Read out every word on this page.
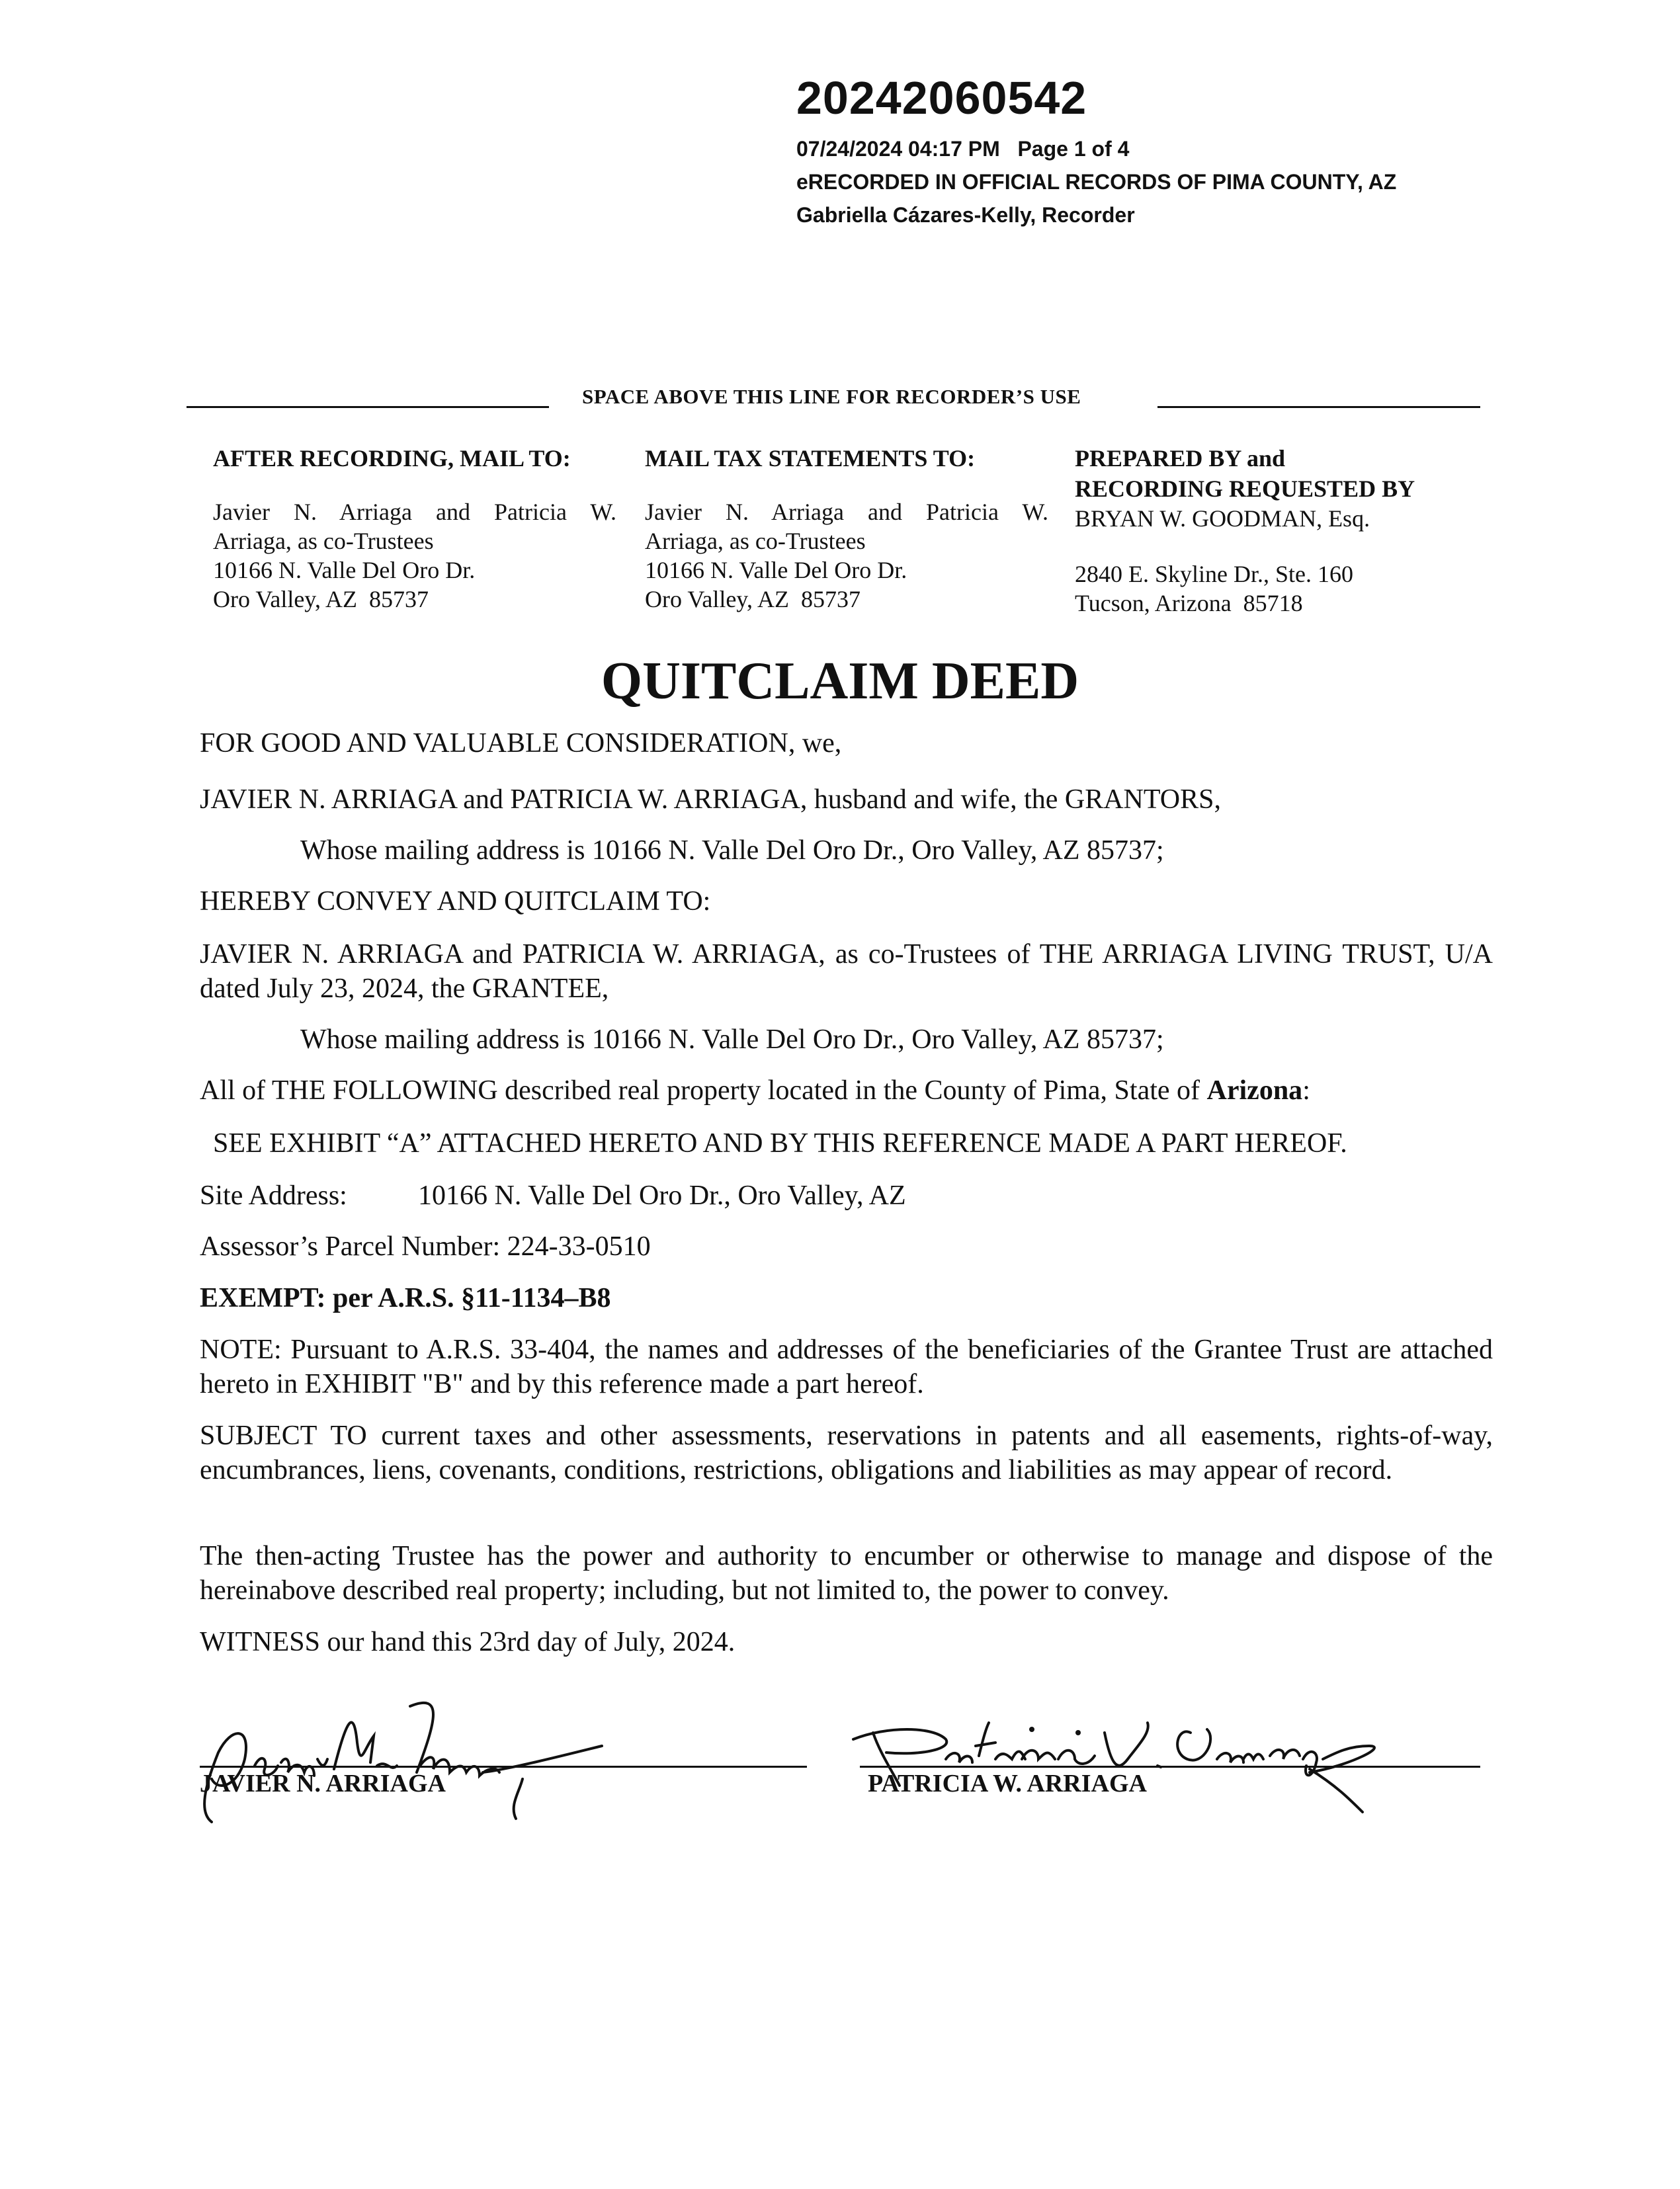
20242060542
07/24/2024 04:17 PM   Page 1 of 4
eRECORDED IN OFFICIAL RECORDS OF PIMA COUNTY, AZ
Gabriella Cázares-Kelly, Recorder
SPACE ABOVE THIS LINE FOR RECORDER’S USE
AFTER RECORDING, MAIL TO:
Javier N. Arriaga and Patricia W.
Arriaga, as co-Trustees
10166 N. Valle Del Oro Dr.
Oro Valley, AZ  85737
MAIL TAX STATEMENTS TO:
Javier N. Arriaga and Patricia W.
Arriaga, as co-Trustees
10166 N. Valle Del Oro Dr.
Oro Valley, AZ  85737
PREPARED BY and
RECORDING REQUESTED BY
BRYAN W. GOODMAN, Esq.
2840 E. Skyline Dr., Ste. 160
Tucson, Arizona  85718
QUITCLAIM DEED
FOR GOOD AND VALUABLE CONSIDERATION, we,
JAVIER N. ARRIAGA and PATRICIA W. ARRIAGA, husband and wife, the GRANTORS,
Whose mailing address is 10166 N. Valle Del Oro Dr., Oro Valley, AZ 85737;
HEREBY CONVEY AND QUITCLAIM TO:
JAVIER N. ARRIAGA and PATRICIA W. ARRIAGA, as co-Trustees of THE ARRIAGA LIVING TRUST, U/A dated July 23, 2024, the GRANTEE,
Whose mailing address is 10166 N. Valle Del Oro Dr., Oro Valley, AZ 85737;
All of THE FOLLOWING described real property located in the County of Pima, State of Arizona:
SEE EXHIBIT “A” ATTACHED HERETO AND BY THIS REFERENCE MADE A PART HEREOF.
Site Address:	10166 N. Valle Del Oro Dr., Oro Valley, AZ
Assessor’s Parcel Number: 224-33-0510
EXEMPT: per A.R.S. §11-1134–B8
NOTE: Pursuant to A.R.S. 33-404, the names and addresses of the beneficiaries of the Grantee Trust are attached hereto in EXHIBIT "B" and by this reference made a part hereof.
SUBJECT TO current taxes and other assessments, reservations in patents and all easements, rights-of-way, encumbrances, liens, covenants, conditions, restrictions, obligations and liabilities as may appear of record.
The then-acting Trustee has the power and authority to encumber or otherwise to manage and dispose of the hereinabove described real property; including, but not limited to, the power to convey.
WITNESS our hand this 23rd day of July, 2024.
JAVIER N. ARRIAGA	PATRICIA W. ARRIAGA
